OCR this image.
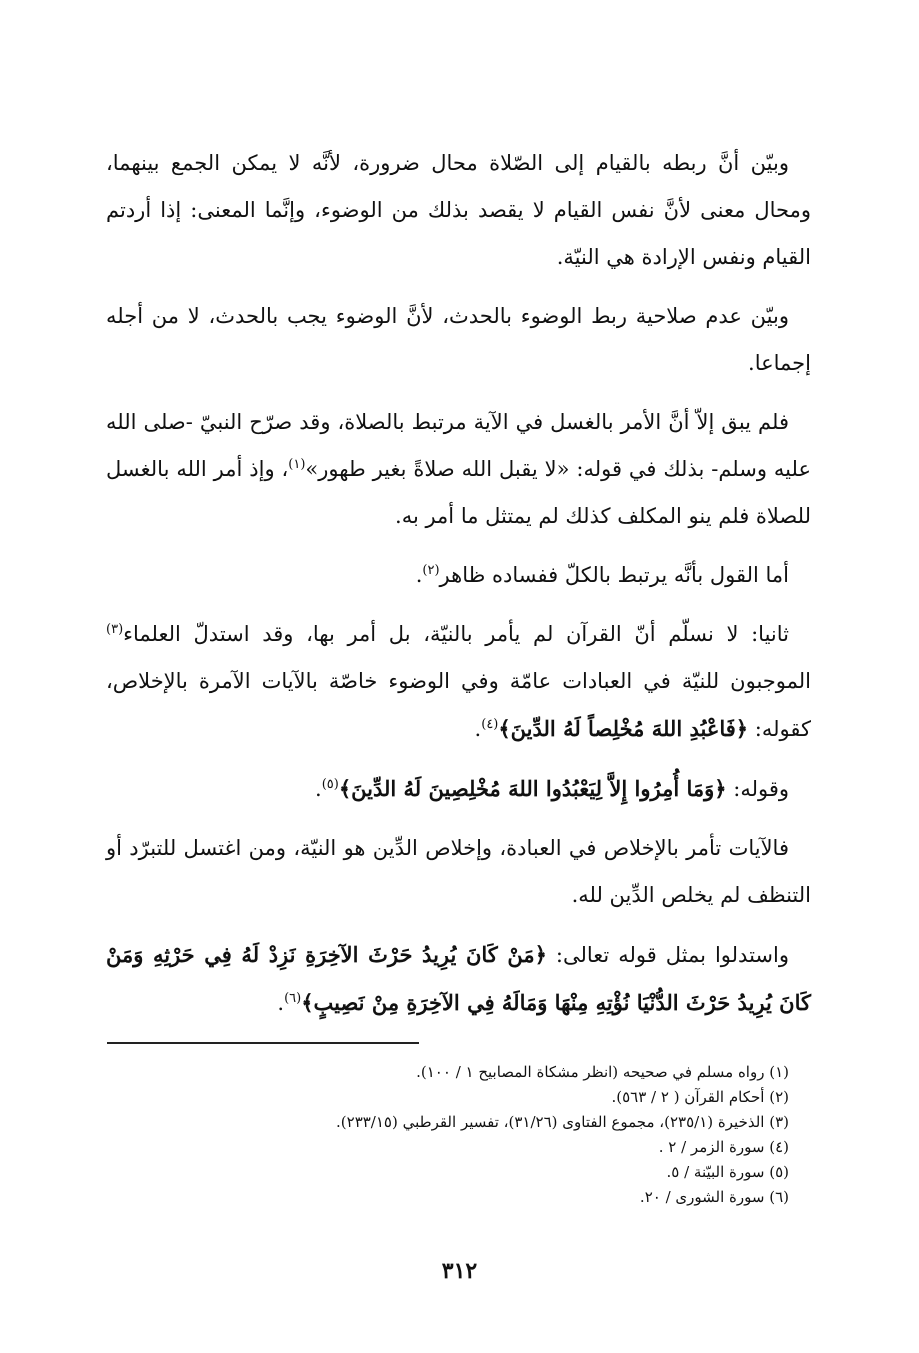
وبيّن أنَّ ربطه بالقيام إلى الصّلاة محال ضرورة، لأنَّه لا يمكن الجمع بينهما، ومحال معنى لأنَّ نفس القيام لا يقصد بذلك من الوضوء، وإنَّما المعنى: إذا أردتم القيام ونفس الإرادة هي النيّة.

وبيّن عدم صلاحية ربط الوضوء بالحدث، لأنَّ الوضوء يجب بالحدث، لا من أجله إجماعا.

فلم يبق إلاّ أنَّ الأمر بالغسل في الآية مرتبط بالصلاة، وقد صرّح النبيّ -صلى الله عليه وسلم- بذلك في قوله: «لا يقبل الله صلاةً بغير طهور»$^{(١)}$، وإذ أمر الله بالغسل للصلاة فلم ينو المكلف كذلك لم يمتثل ما أمر به.

أما القول بأنَّه يرتبط بالكلّ ففساده ظاهر$^{(٢)}$.

ثانيا: لا نسلّم أنّ القرآن لم يأمر بالنيّة، بل أمر بها، وقد استدلّ العلماء$^{(٣)}$ الموجبون للنيّة في العبادات عامّة وفي الوضوء خاصّة بالآيات الآمرة بالإخلاص، كقوله: ﴿فَاعْبُدِ اللهَ مُخْلِصاً لَهُ الدِّينَ﴾$^{(٤)}$.

وقوله: ﴿وَمَا أُمِرُوا إِلاَّ لِيَعْبُدُوا اللهَ مُخْلِصِينَ لَهُ الدِّينَ﴾$^{(٥)}$.

فالآيات تأمر بالإخلاص في العبادة، وإخلاص الدِّين هو النيّة، ومن اغتسل للتبرّد أو التنظف لم يخلص الدِّين لله.

واستدلوا بمثل قوله تعالى: ﴿مَنْ كَانَ يُرِيدُ حَرْثَ الآخِرَةِ نَزِدْ لَهُ فِي حَرْثِهِ وَمَنْ كَانَ يُرِيدُ حَرْثَ الدُّنْيَا نُؤْتِهِ مِنْهَا وَمَالَهُ فِي الآخِرَةِ مِنْ نَصِيبٍ﴾$^{(٦)}$.

(١) رواه مسلم في صحيحه (انظر مشكاة المصابيح ١ / ١٠٠).

(٢) أحكام القرآن ( ٢ / ٥٦٣).

(٣) الذخيرة (٢٣٥/١)، مجموع الفتاوى (٣١/٢٦)، تفسير القرطبي (٢٣٣/١٥).

(٤) سورة الزمر / ٢ .

(٥) سورة البيّنة / ٥.

(٦) سورة الشورى / ٢٠.

٣١٢
